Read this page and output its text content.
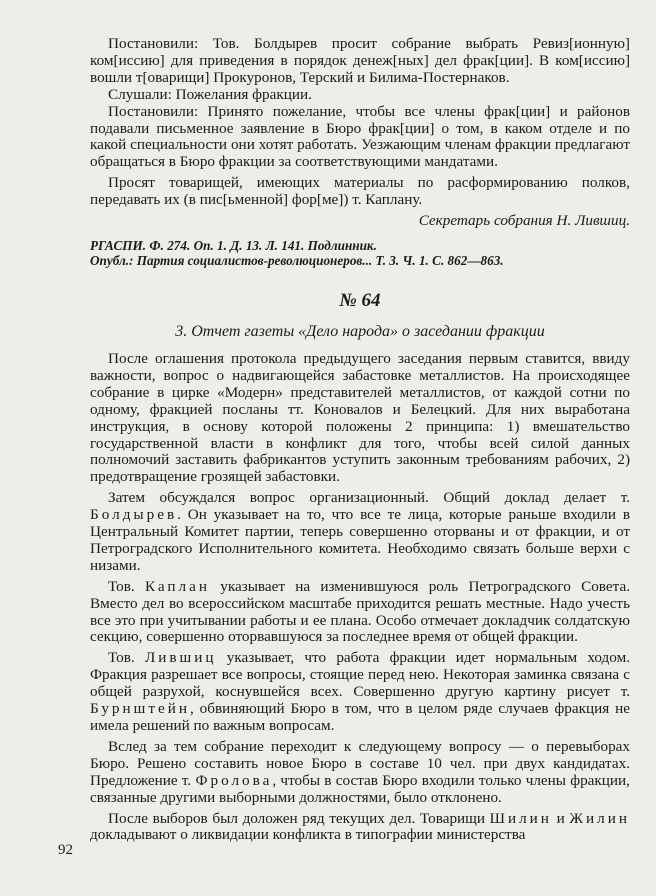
Постановили: Тов. Болдырев просит собрание выбрать Ревиз[ионную] ком[иссию] для приведения в порядок денеж[ных] дел фрак[ции]. В ком[иссию] вошли т[оварищи] Прокуронов, Терский и Билима-Постернаков.

Слушали: Пожелания фракции.

Постановили: Принято пожелание, чтобы все члены фрак[ции] и районов подавали письменное заявление в Бюро фрак[ции] о том, в каком отделе и по какой специальности они хотят работать. Уезжающим членам фракции предлагают обращаться в Бюро фракции за соответствующими мандатами.

Просят товарищей, имеющих материалы по расформированию полков, передавать их (в пис[ьменной] фор[ме]) т. Каплану.

Секретарь собрания Н. Лившиц.

РГАСПИ. Ф. 274. Оп. 1. Д. 13. Л. 141. Подлинник.

Опубл.: Партия социалистов-революционеров... Т. 3. Ч. 1. С. 862—863.

№ 64
3. Отчет газеты «Дело народа» о заседании фракции

После оглашения протокола предыдущего заседания первым ставится, ввиду важности, вопрос о надвигающейся забастовке металлистов. На происходящее собрание в цирке «Модерн» представителей металлистов, от каждой сотни по одному, фракцией посланы тт. Коновалов и Белецкий. Для них выработана инструкция, в основу которой положены 2 принципа: 1) вмешательство государственной власти в конфликт для того, чтобы всей силой данных полномочий заставить фабрикантов уступить законным требованиям рабочих, 2) предотвращение грозящей забастовки.

Затем обсуждался вопрос организационный. Общий доклад делает т. Болдырев. Он указывает на то, что все те лица, которые раньше входили в Центральный Комитет партии, теперь совершенно оторваны и от фракции, и от Петроградского Исполнительного комитета. Необходимо связать больше верхи с низами.

Тов. Каплан указывает на изменившуюся роль Петроградского Совета. Вместо дел во всероссийском масштабе приходится решать местные. Надо учесть все это при учитывании работы и ее плана. Особо отмечает докладчик солдатскую секцию, совершенно оторвавшуюся за последнее время от общей фракции.

Тов. Лившиц указывает, что работа фракции идет нормальным ходом. Фракция разрешает все вопросы, стоящие перед нею. Некоторая заминка связана с общей разрухой, коснувшейся всех. Совершенно другую картину рисует т. Бурнштейн, обвиняющий Бюро в том, что в целом ряде случаев фракция не имела решений по важным вопросам.

Вслед за тем собрание переходит к следующему вопросу — о перевыборах Бюро. Решено составить новое Бюро в составе 10 чел. при двух кандидатах. Предложение т. Фролова, чтобы в состав Бюро входили только члены фракции, связанные другими выборными должностями, было отклонено.

После выборов был доложен ряд текущих дел. Товарищи Шилин и Жилин докладывают о ликвидации конфликта в типографии министерства

92
